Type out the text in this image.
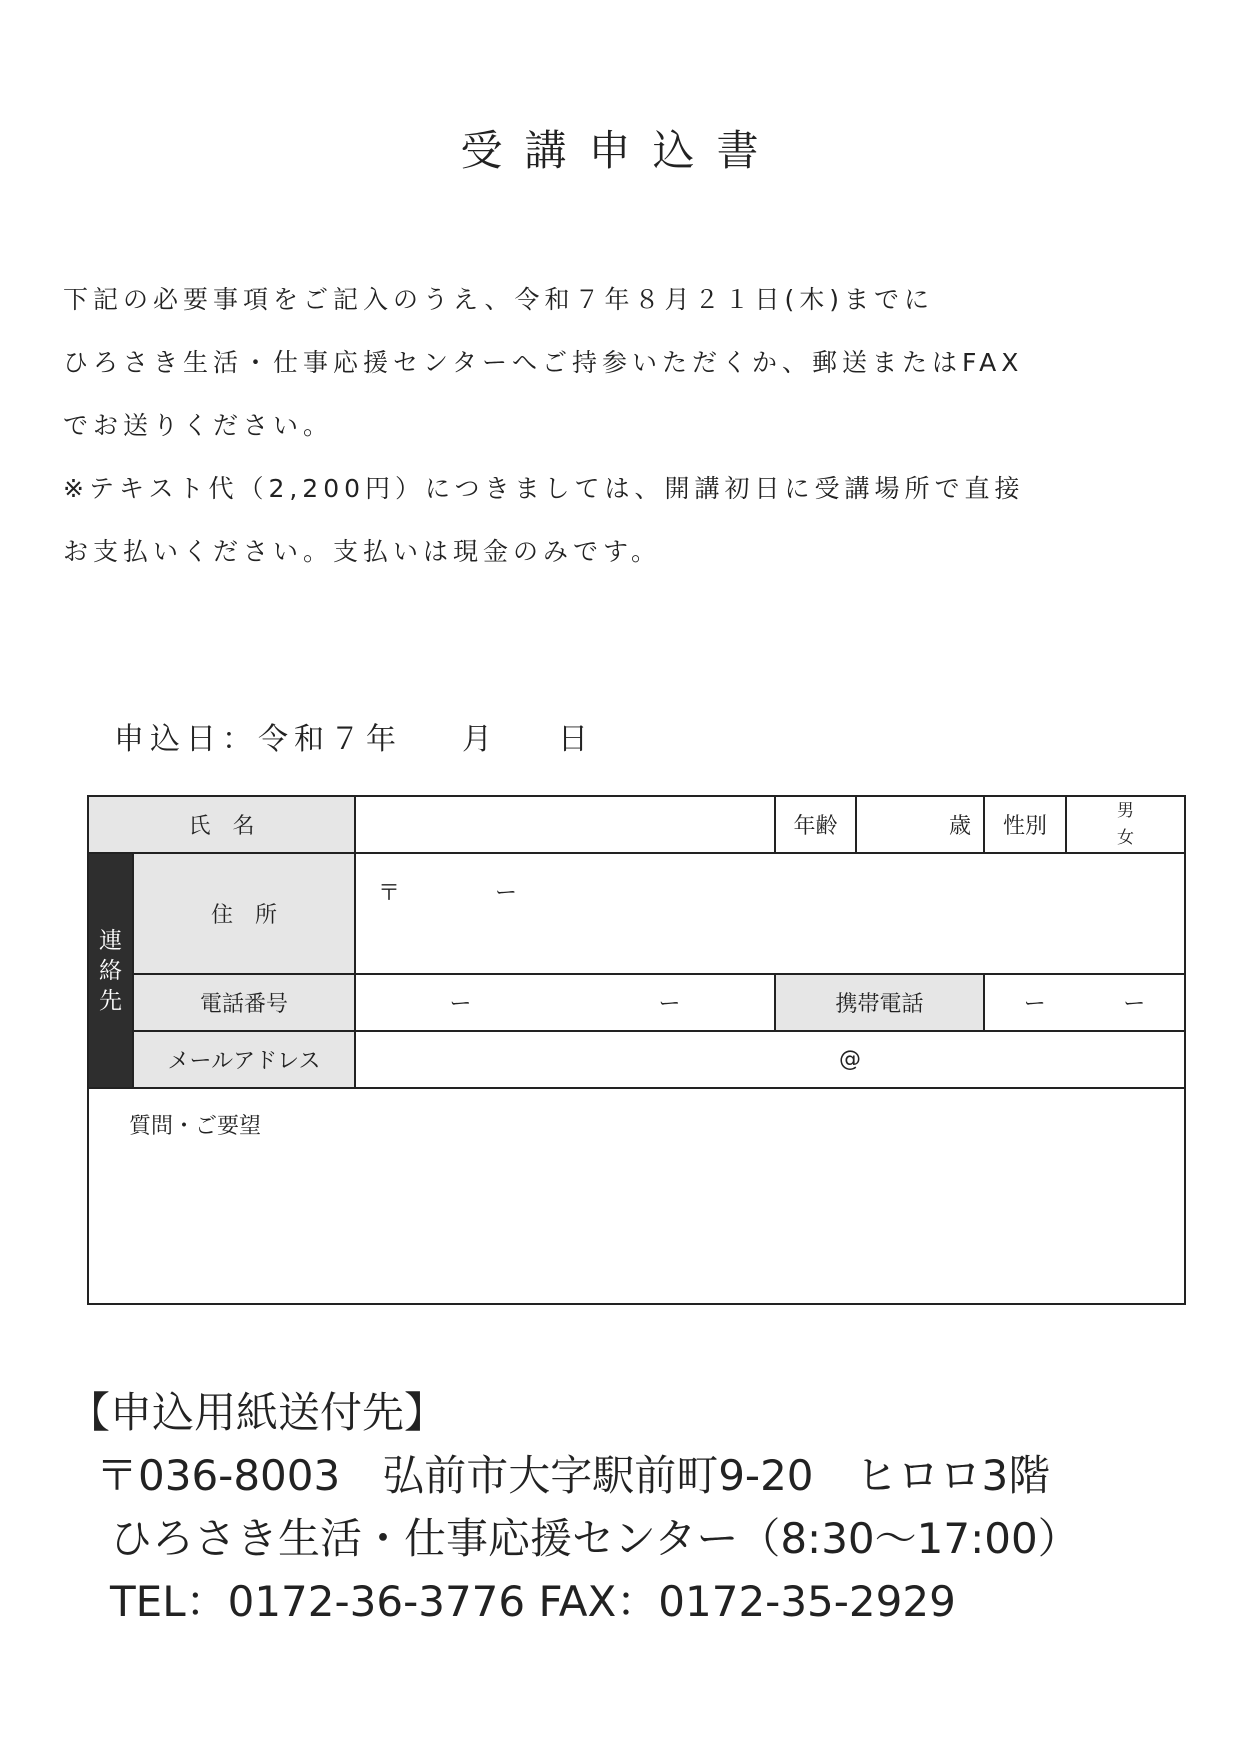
受講申込書
下記の必要事項をご記入のうえ、令和７年８月２１日(木)までに
ひろさき生活・仕事応援センターへご持参いただくか、郵送またはFAX
でお送りください。
※テキスト代（2,200円）につきましては、開講初日に受講場所で直接
お支払いください。支払いは現金のみです。
申込日：令和７年 月 日
氏　名			年齢	歳	性別	男
女

連絡先	住　所	〒 ー				
	電話番号	ー ー	携帯電話		ー ー	

	メールアドレス	@				
質問・ご要望						
【申込用紙送付先】
〒036-8003　弘前市大字駅前町9-20　ヒロロ3階
ひろさき生活・仕事応援センター（8:30～17:00）
TEL：0172-36-3776 FAX：0172-35-2929
